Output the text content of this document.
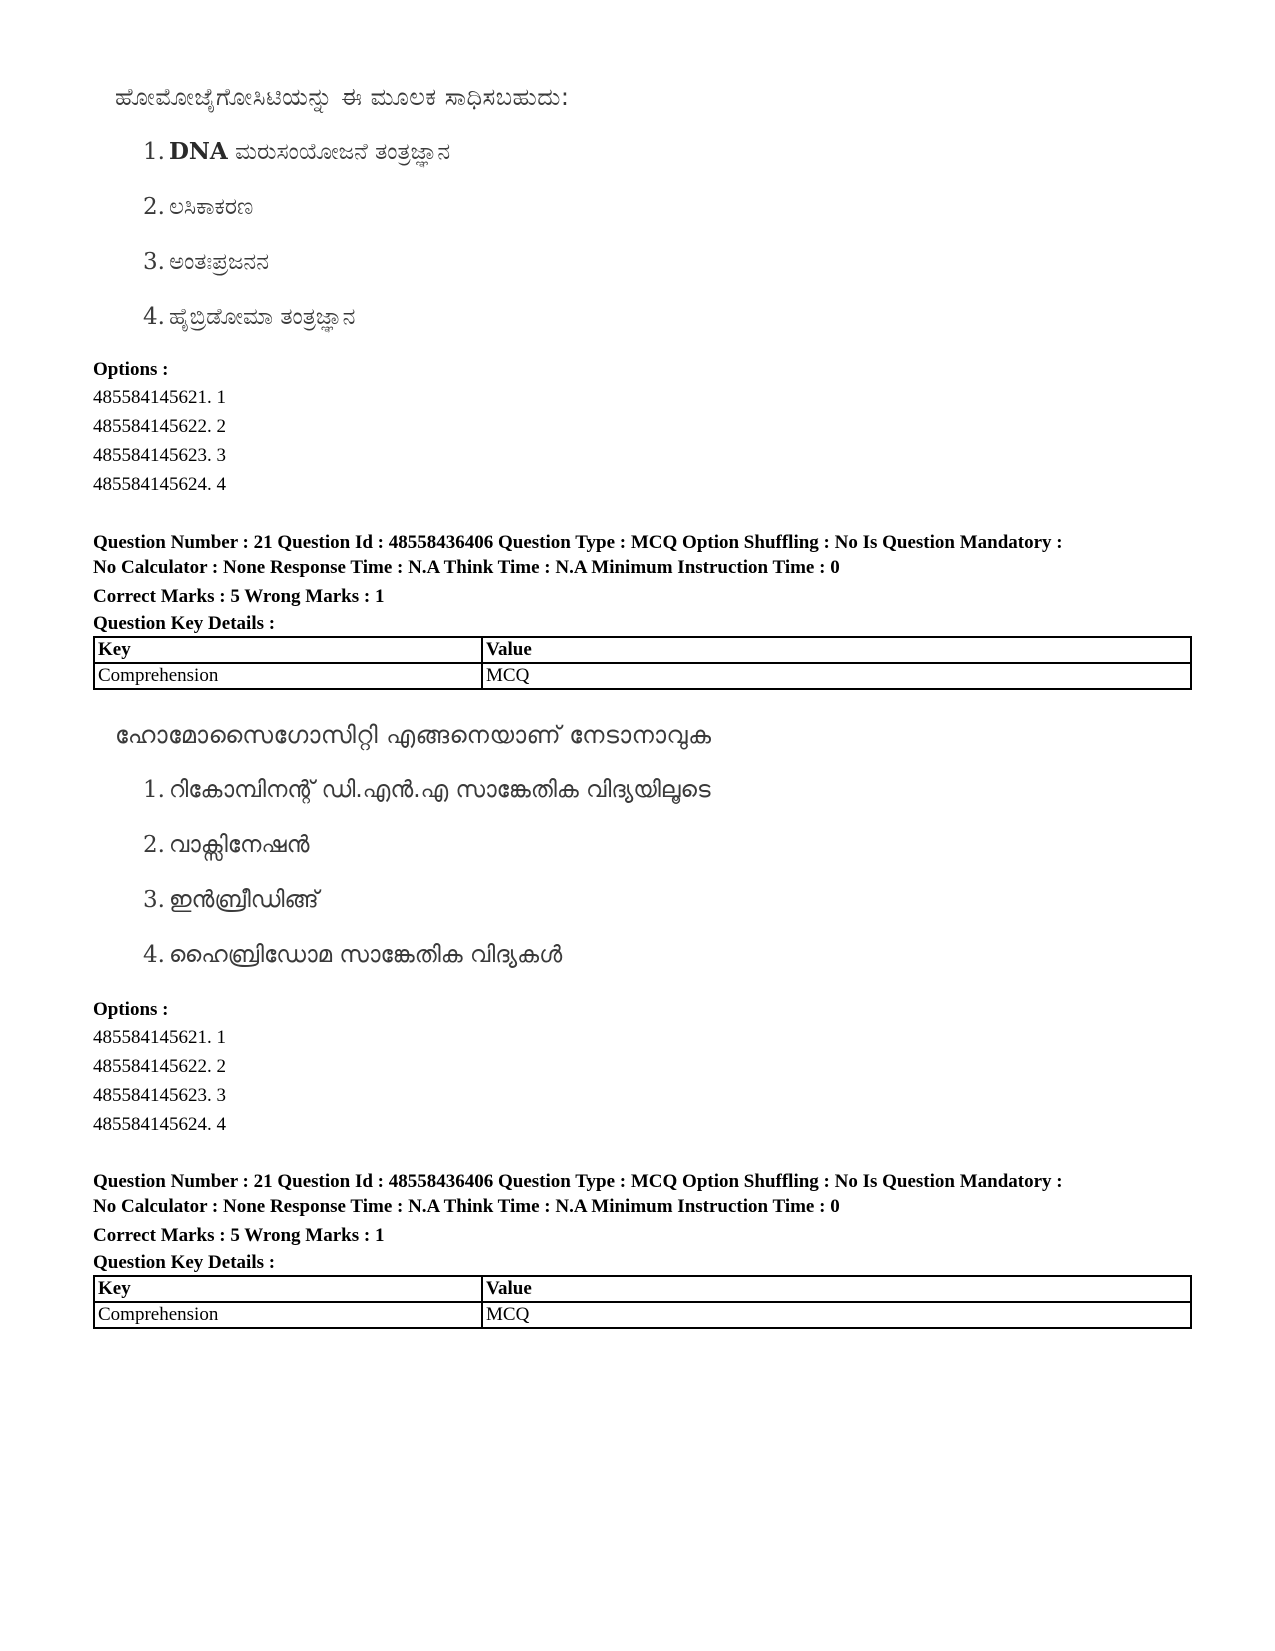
ಹೋಮೋಜೈಗೋಸಿಟಿಯನ್ನು ಈ ಮೂಲಕ ಸಾಧಿಸಬಹುದು:
1. DNA ಮರುಸಂಯೋಜನೆ ತಂತ್ರಜ್ಞಾನ
2. ಲಸಿಕಾಕರಣ
3. ಅಂತಃಪ್ರಜನನ
4. ಹೈಬ್ರಿಡೋಮಾ ತಂತ್ರಜ್ಞಾನ
Options :
485584145621. 1
485584145622. 2
485584145623. 3
485584145624. 4
Question Number : 21 Question Id : 48558436406 Question Type : MCQ Option Shuffling : No Is Question Mandatory :
No Calculator : None Response Time : N.A Think Time : N.A Minimum Instruction Time : 0
Correct Marks : 5 Wrong Marks : 1
Question Key Details :
Key	Value
Comprehension	MCQ
ഹോമോസൈഗോസിറ്റി എങ്ങനെയാണ് നേടാനാവുക
1. റികോമ്പിനന്റ് ഡി.എൻ.എ സാങ്കേതിക വിദ്യയിലൂടെ
2. വാക്സിനേഷൻ
3. ഇൻബ്രീഡിങ്ങ്
4. ഹൈബ്രിഡോമ സാങ്കേതിക വിദ്യകൾ
Options :
485584145621. 1
485584145622. 2
485584145623. 3
485584145624. 4
Question Number : 21 Question Id : 48558436406 Question Type : MCQ Option Shuffling : No Is Question Mandatory :
No Calculator : None Response Time : N.A Think Time : N.A Minimum Instruction Time : 0
Correct Marks : 5 Wrong Marks : 1
Question Key Details :
Key	Value
Comprehension	MCQ
